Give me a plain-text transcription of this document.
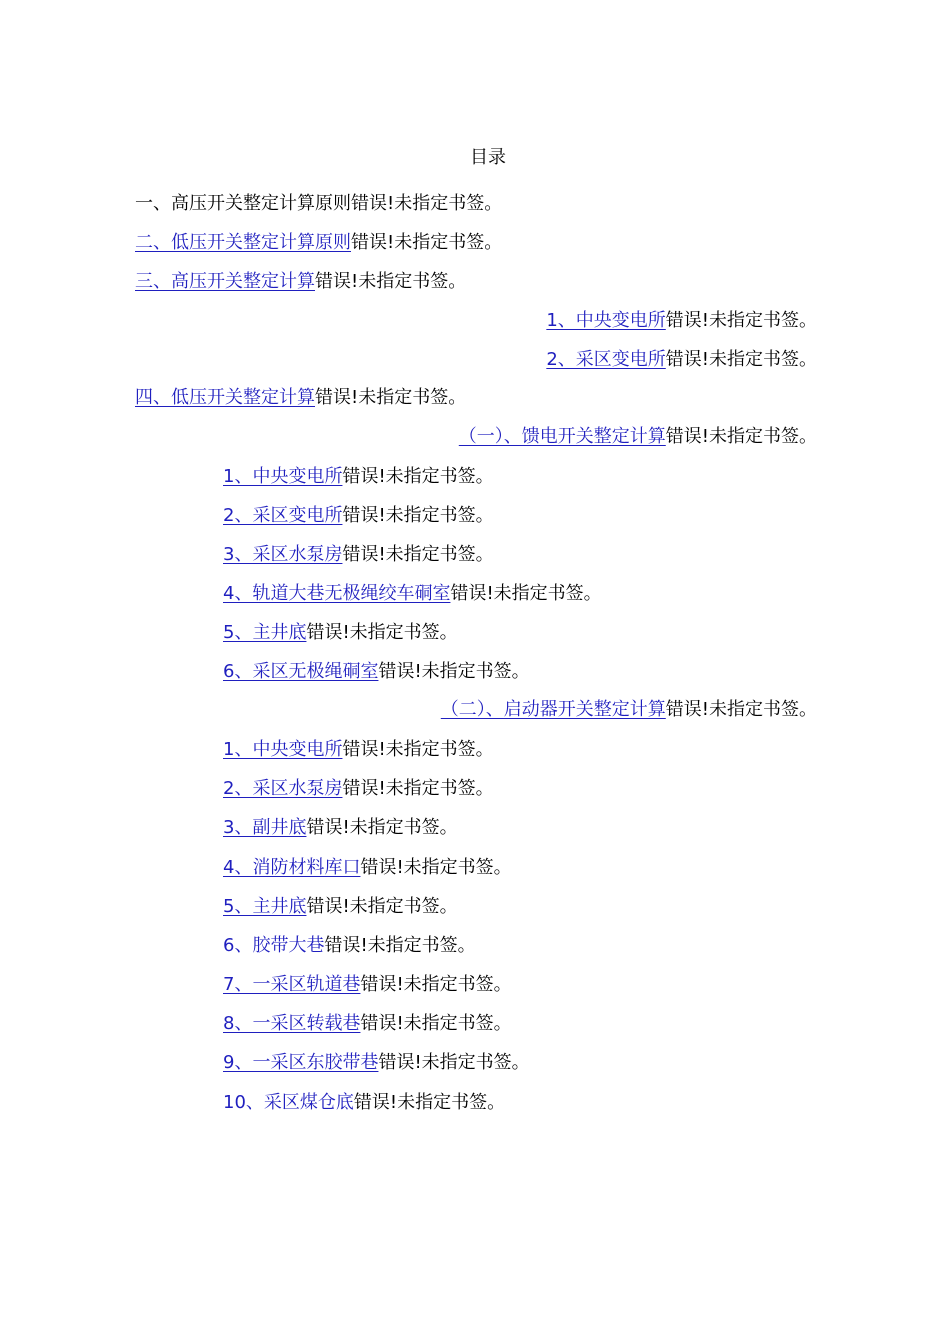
目录
一、高压开关整定计算原则错误!未指定书签。
二、低压开关整定计算原则错误!未指定书签。
三、高压开关整定计算错误!未指定书签。
1、中央变电所错误!未指定书签。
2、采区变电所错误!未指定书签。
四、低压开关整定计算错误!未指定书签。
（一）、馈电开关整定计算错误!未指定书签。
1、中央变电所错误!未指定书签。
2、采区变电所错误!未指定书签。
3、采区水泵房错误!未指定书签。
4、轨道大巷无极绳绞车硐室错误!未指定书签。
5、主井底错误!未指定书签。
6、采区无极绳硐室错误!未指定书签。
（二）、启动器开关整定计算错误!未指定书签。
1、中央变电所错误!未指定书签。
2、采区水泵房错误!未指定书签。
3、副井底错误!未指定书签。
4、消防材料库口错误!未指定书签。
5、主井底错误!未指定书签。
6、胶带大巷错误!未指定书签。
7、一采区轨道巷错误!未指定书签。
8、一采区转载巷错误!未指定书签。
9、一采区东胶带巷错误!未指定书签。
10、采区煤仓底错误!未指定书签。
